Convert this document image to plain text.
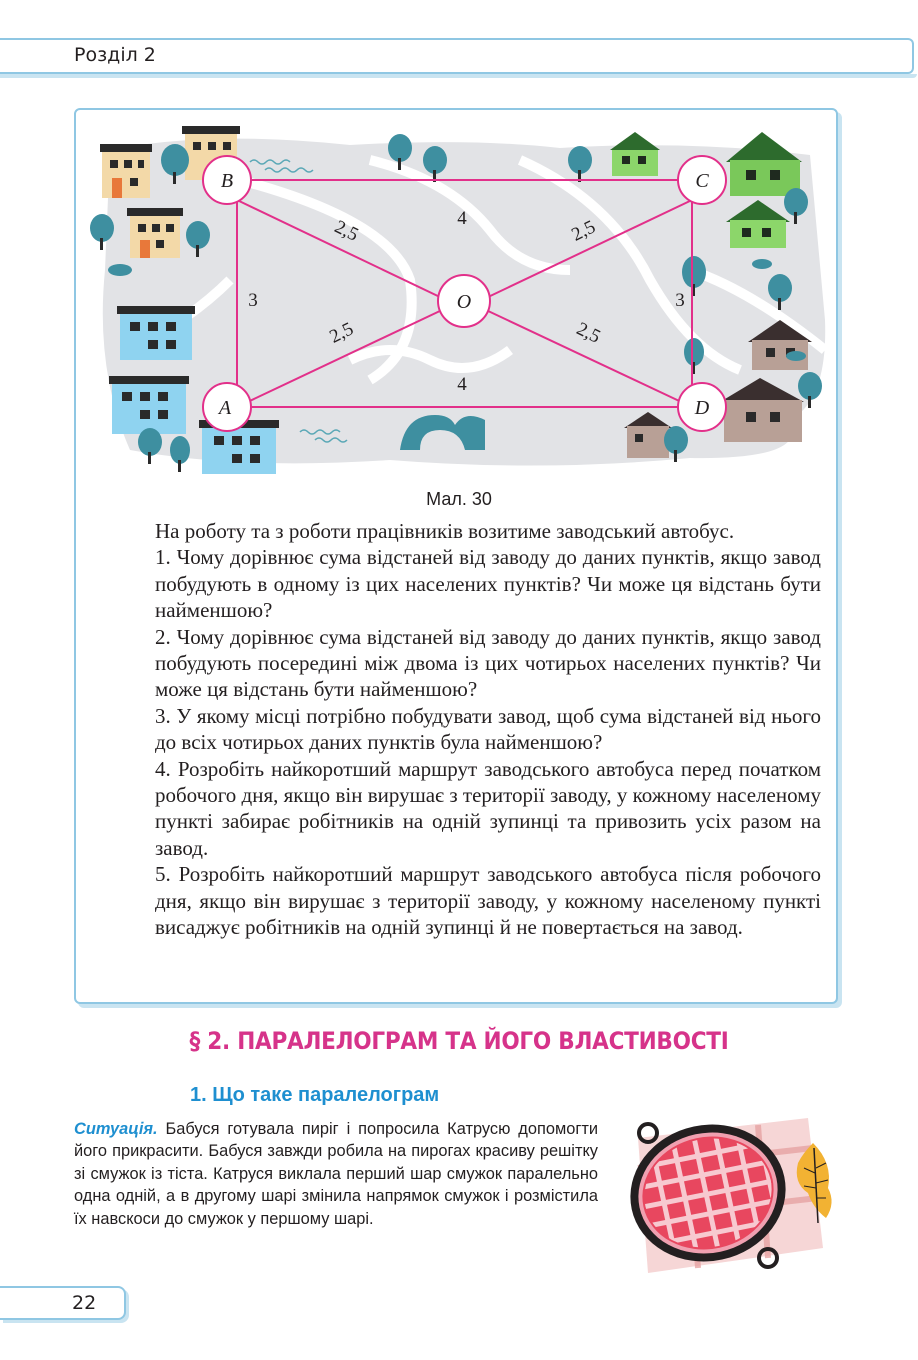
Розділ 2
B	C
A	D
O
4
4
3	3
2,5	2,5
2,5	2,5
Мал. 30

На роботу та з роботи працівників возитиме заводський автобус.

1. Чому дорівнює сума відстаней від заводу до даних пунктів, якщо завод побудують в одному із цих населених пунктів? Чи може ця відстань бути найменшою?

2. Чому дорівнює сума відстаней від заводу до даних пунктів, якщо завод побудують посередині між двома із цих чотирьох населених пунктів? Чи може ця відстань бути найменшою?

3. У якому місці потрібно побудувати завод, щоб сума відстаней від нього до всіх чотирьох даних пунктів була найменшою?

4. Розробіть найкоротший маршрут заводського автобуса перед початком робочого дня, якщо він вирушає з території заводу, у кожному населеному пункті забирає робітників на одній зупинці та привозить усіх разом на завод.

5. Розробіть найкоротший маршрут заводського автобуса після робочого дня, якщо він вирушає з території заводу, у кожному населеному пункті висаджує робітників на одній зупинці й не повертається на завод.

§ 2. ПАРАЛЕЛОГРАМ ТА ЙОГО ВЛАСТИВОСТІ
1. Що таке паралелограм
Ситуація. Бабуся готувала пиріг і попросила Катрусю допомогти його прикрасити. Бабуся завжди робила на пирогах красиву решітку зі смужок із тіста. Катруся виклала перший шар смужок паралельно одна одній, а в другому шарі змінила напрямок смужок і розмістила їх навскоси до смужок у першому шарі.
22
